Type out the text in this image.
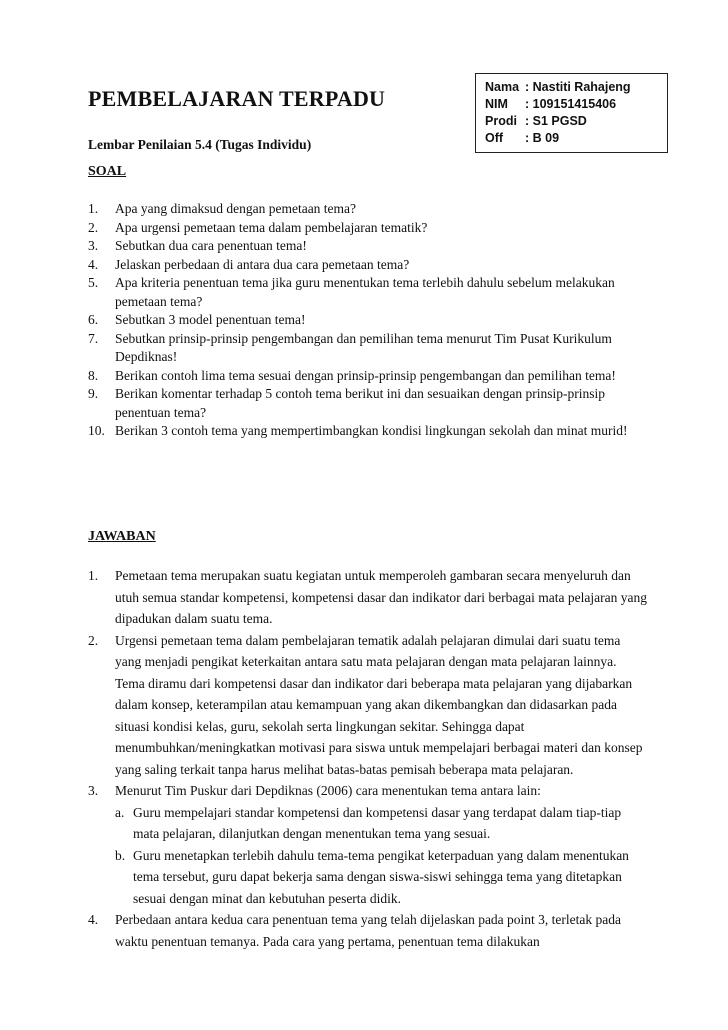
Nama : Nastiti Rahajeng
NIM	: 109151415406
Prodi : S1 PGSD
Off	: B 09
PEMBELAJARAN TERPADU
Lembar Penilaian 5.4 (Tugas Individu)
SOAL
1. Apa yang dimaksud dengan pemetaan tema?
2. Apa urgensi pemetaan tema dalam pembelajaran tematik?
3. Sebutkan dua cara penentuan tema!
4. Jelaskan perbedaan di antara dua cara pemetaan tema?
5. Apa kriteria penentuan tema jika guru menentukan tema terlebih dahulu sebelum melakukan pemetaan tema?
6. Sebutkan 3 model penentuan tema!
7. Sebutkan prinsip-prinsip pengembangan dan pemilihan tema menurut Tim Pusat Kurikulum Depdiknas!
8. Berikan contoh lima tema sesuai dengan prinsip-prinsip pengembangan dan pemilihan tema!
9. Berikan komentar terhadap 5 contoh tema berikut ini dan sesuaikan dengan prinsip-prinsip penentuan tema?
10. Berikan 3 contoh tema yang mempertimbangkan kondisi lingkungan sekolah dan minat murid!
JAWABAN
1. Pemetaan tema merupakan suatu kegiatan untuk memperoleh gambaran secara menyeluruh dan utuh semua standar kompetensi, kompetensi dasar dan indikator dari berbagai mata pelajaran yang dipadukan dalam suatu tema.
2. Urgensi pemetaan tema dalam pembelajaran tematik adalah pelajaran dimulai dari suatu tema yang menjadi pengikat keterkaitan antara satu mata pelajaran dengan mata pelajaran lainnya. Tema diramu dari kompetensi dasar dan indikator dari beberapa mata pelajaran yang dijabarkan dalam konsep, keterampilan atau kemampuan yang akan dikembangkan dan didasarkan pada situasi kondisi kelas, guru, sekolah serta lingkungan sekitar. Sehingga dapat menumbuhkan/meningkatkan motivasi para siswa untuk mempelajari berbagai materi dan konsep yang saling terkait tanpa harus melihat batas-batas pemisah beberapa mata pelajaran.
3. Menurut Tim Puskur dari Depdiknas (2006) cara menentukan tema antara lain:
a. Guru mempelajari standar kompetensi dan kompetensi dasar yang terdapat dalam tiap-tiap mata pelajaran, dilanjutkan dengan menentukan tema yang sesuai.
b. Guru menetapkan terlebih dahulu tema-tema pengikat keterpaduan yang dalam menentukan tema tersebut, guru dapat bekerja sama dengan siswa-siswi sehingga tema yang ditetapkan sesuai dengan minat dan kebutuhan peserta didik.
4. Perbedaan antara kedua cara penentuan tema yang telah dijelaskan pada point 3, terletak pada waktu penentuan temanya. Pada cara yang pertama, penentuan tema dilakukan
